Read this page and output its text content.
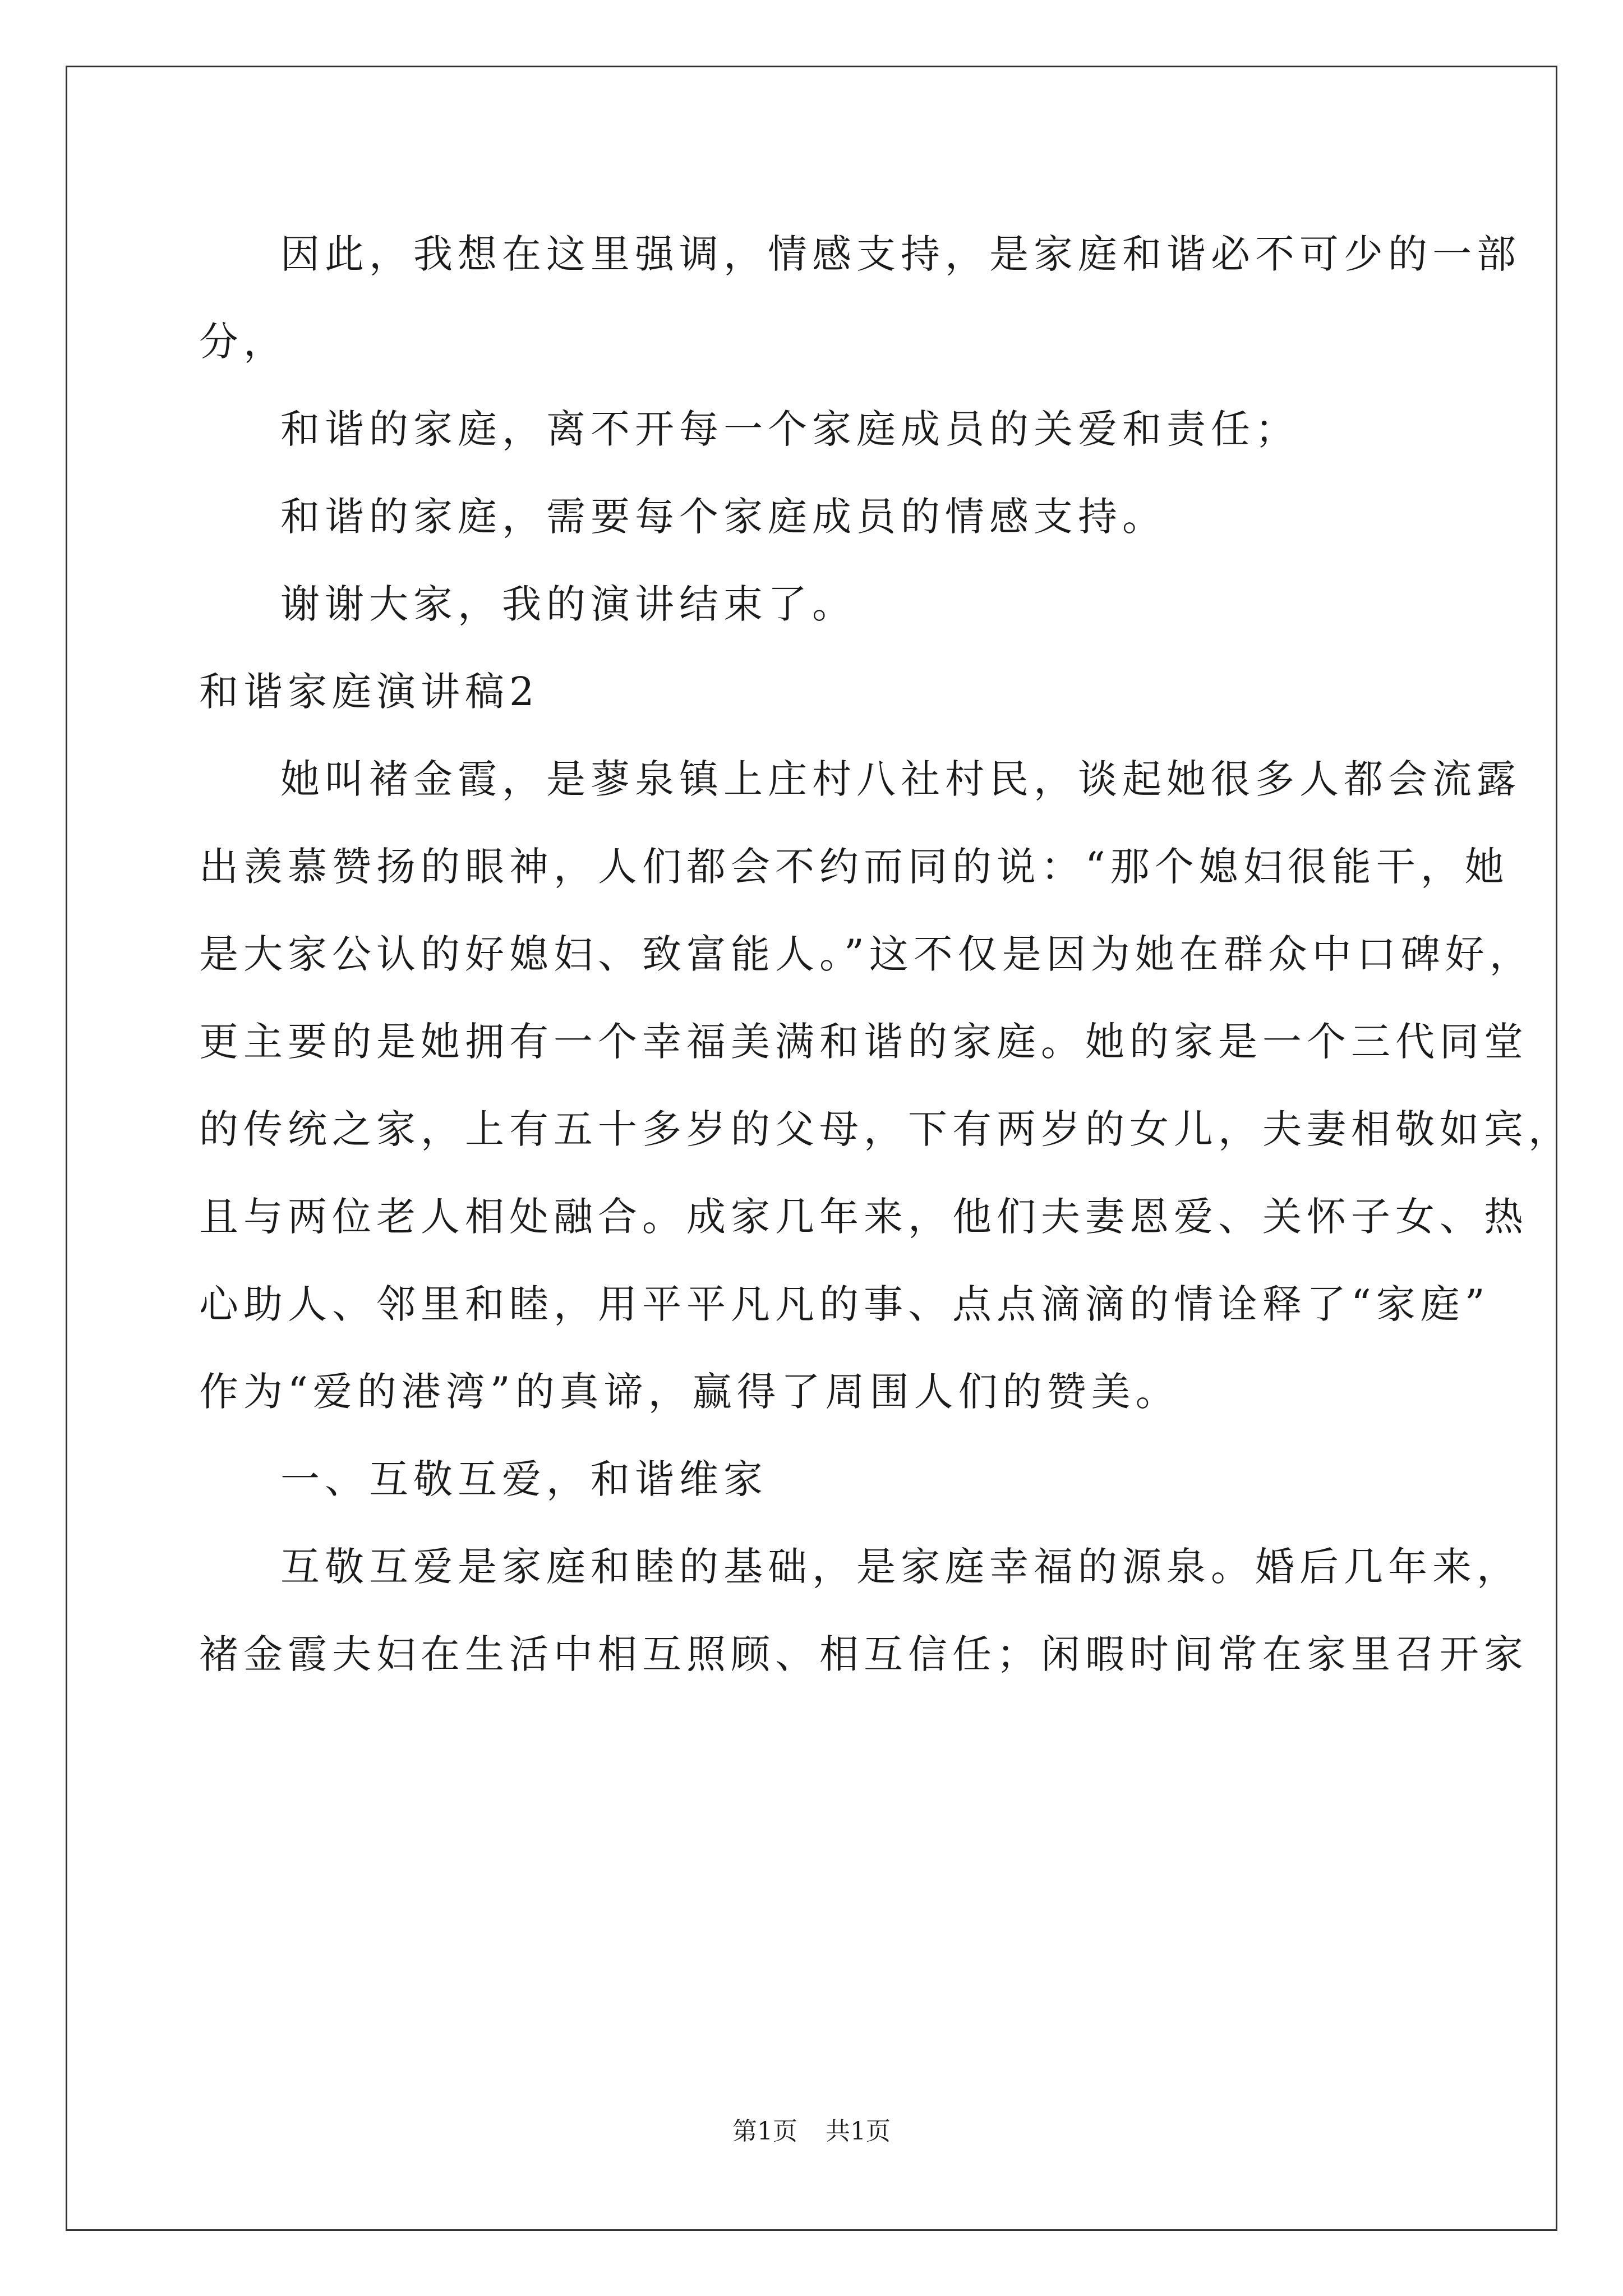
因此，我想在这里强调，情感支持，是家庭和谐必不可少的一部
分，
和谐的家庭，离不开每一个家庭成员的关爱和责任；
和谐的家庭，需要每个家庭成员的情感支持。
谢谢大家，我的演讲结束了。
和谐家庭演讲稿2
她叫褚金霞，是蓼泉镇上庄村八社村民，谈起她很多人都会流露
出羡慕赞扬的眼神，人们都会不约而同的说：“那个媳妇很能干，她
是大家公认的好媳妇、致富能人。”这不仅是因为她在群众中口碑好，
更主要的是她拥有一个幸福美满和谐的家庭。她的家是一个三代同堂
的传统之家，上有五十多岁的父母，下有两岁的女儿，夫妻相敬如宾，
且与两位老人相处融合。成家几年来，他们夫妻恩爱、关怀子女、热
心助人、邻里和睦，用平平凡凡的事、点点滴滴的情诠释了“家庭”
作为“爱的港湾”的真谛，赢得了周围人们的赞美。
一、互敬互爱，和谐维家
互敬互爱是家庭和睦的基础，是家庭幸福的源泉。婚后几年来，
褚金霞夫妇在生活中相互照顾、相互信任；闲暇时间常在家里召开家
第1页 共1页
